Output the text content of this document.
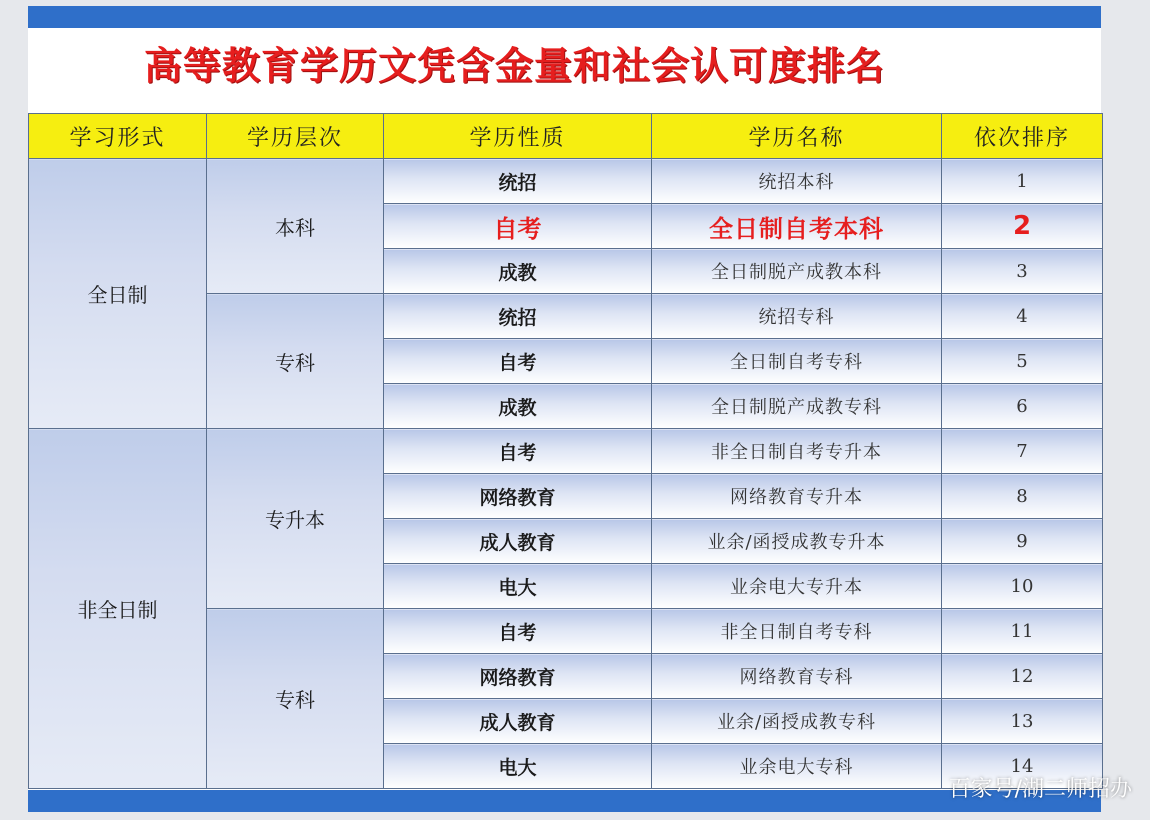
高等教育学历文凭含金量和社会认可度排名
学习形式	学历层次	学历性质	学历名称	依次排序
全日制	本科	统招	统招本科	1
		自考	全日制自考本科	2
		成教	全日制脱产成教本科	3
	专科	统招	统招专科	4
		自考	全日制自考专科	5
		成教	全日制脱产成教专科	6
非全日制	专升本	自考	非全日制自考专升本	7
		网络教育	网络教育专升本	8
		成人教育	业余/函授成教专升本	9
		电大	业余电大专升本	10
	专科	自考	非全日制自考专科	11
		网络教育	网络教育专科	12
		成人教育	业余/函授成教专科	13
		电大	业余电大专科	14
百家号/湖二师招办
